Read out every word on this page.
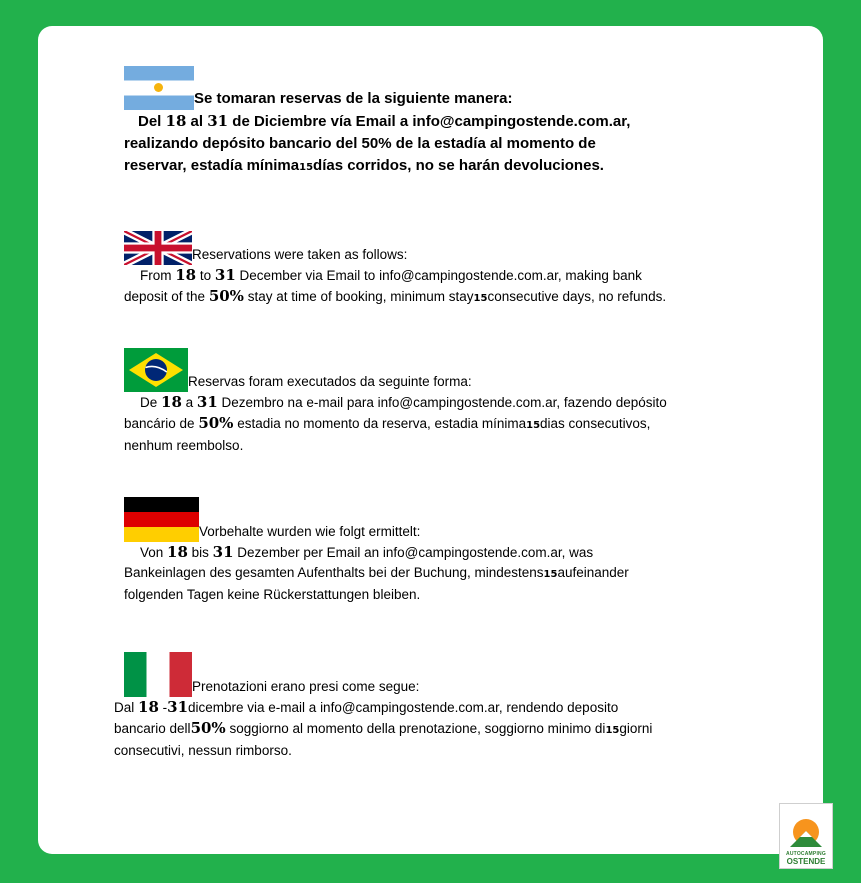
Se tomaran reservas de la siguiente manera:
Del 18 al 31 de Diciembre vía Email a info@campingostende.com.ar,
realizando depósito bancario del 50% de la estadía al momento de
reservar, estadía mínima15días corridos, no se harán devoluciones.
Reservations were taken as follows:
From 18 to 31 December via Email to info@campingostende.com.ar, making bank
deposit of the 50% stay at time of booking, minimum stay15consecutive days, no refunds.
Reservas foram executados da seguinte forma:
De 18 a 31 Dezembro na e-mail para info@campingostende.com.ar, fazendo depósito
bancário de 50% estadia no momento da reserva, estadia mínima15dias consecutivos,
nenhum reembolso.
Vorbehalte wurden wie folgt ermittelt:
Von 18 bis 31 Dezember per Email an info@campingostende.com.ar, was
Bankeinlagen des gesamten Aufenthalts bei der Buchung, mindestens15aufeinander
folgenden Tagen keine Rückerstattungen bleiben.
Prenotazioni erano presi come segue:
Dal 18 -31dicembre via e-mail a info@campingostende.com.ar, rendendo deposito
bancario dell50% soggiorno al momento della prenotazione, soggiorno minimo di15giorni
consecutivi, nessun rimborso.
AUTOCAMPING
OSTENDE
